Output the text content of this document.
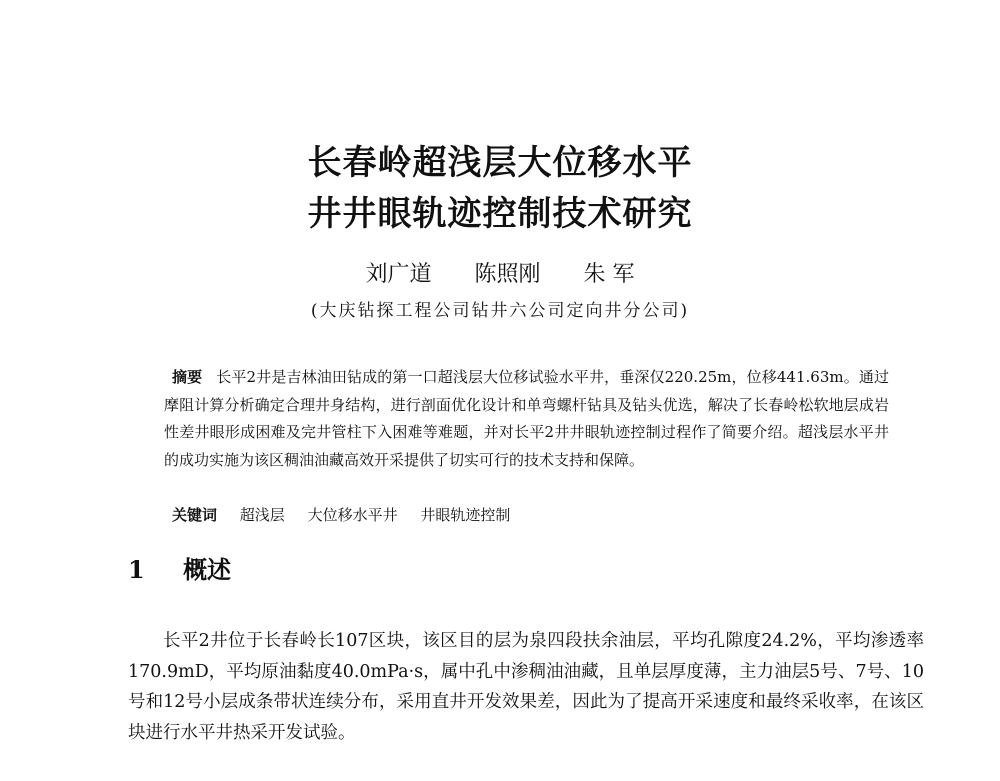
长春岭超浅层大位移水平
井井眼轨迹控制技术研究
刘广道 陈照刚 朱 军
(大庆钻探工程公司钻井六公司定向井分公司)

摘要 长平2井是吉林油田钻成的第一口超浅层大位移试验水平井，垂深仅220.25m，位移441.63m。通过摩阻计算分析确定合理井身结构，进行剖面优化设计和单弯螺杆钻具及钻头优选，解决了长春岭松软地层成岩性差井眼形成困难及完井管柱下入困难等难题，并对长平2井井眼轨迹控制过程作了简要介绍。超浅层水平井的成功实施为该区稠油油藏高效开采提供了切实可行的技术支持和保障。

关键词 超浅层 大位移水平井 井眼轨迹控制
1 概述

长平2井位于长春岭长107区块，该区目的层为泉四段扶余油层，平均孔隙度24.2%，平均渗透率170.9mD，平均原油黏度40.0mPa·s，属中孔中渗稠油油藏，且单层厚度薄，主力油层5号、7号、10号和12号小层成条带状连续分布，采用直井开发效果差，因此为了提高开采速度和最终采收率，在该区块进行水平井热采开发试验。
